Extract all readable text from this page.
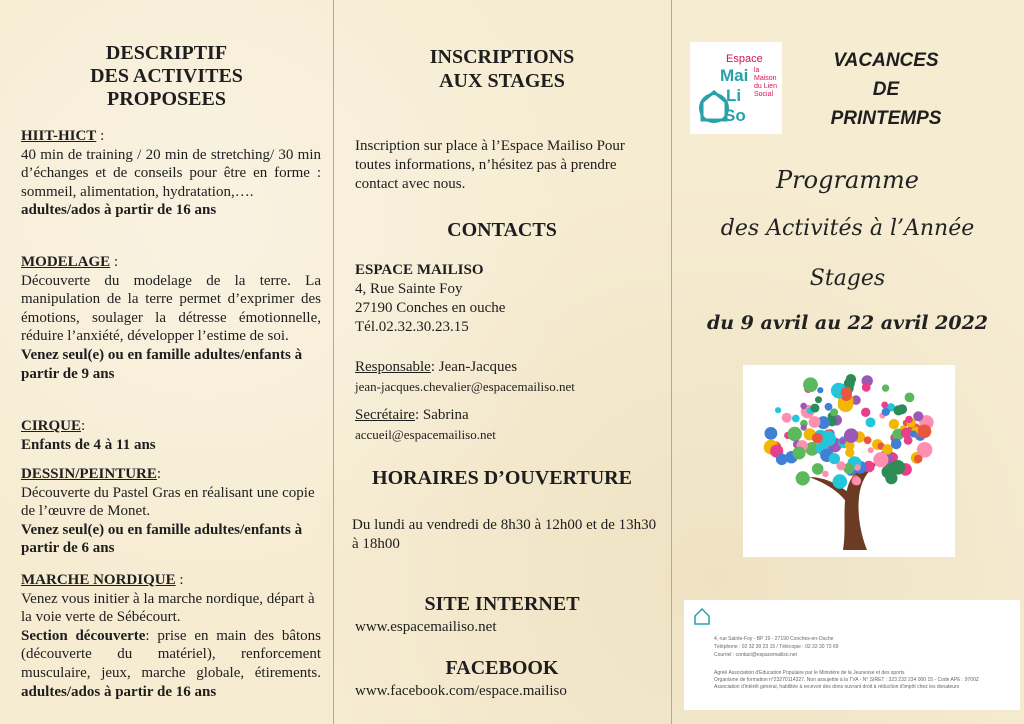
DESCRIPTIF
DES ACTIVITES
PROPOSEES
HIIT-HICT :

40 min de training / 20 min de stretching/ 30 min d’échanges et de conseils pour être en forme : sommeil, alimentation, hydratation,….

adultes/ados à partir de 16 ans

MODELAGE :

Découverte du modelage de la terre. La manipulation de la terre permet d’exprimer des émotions, soulager la détresse émotionnelle, réduire l’anxiété, développer l’estime de soi.

Venez seul(e) ou en famille adultes/enfants à partir de 9 ans

CIRQUE:

Enfants de 4 à 11 ans

DESSIN/PEINTURE:

Découverte du Pastel Gras en réalisant une copie de l’œuvre de Monet.

Venez seul(e) ou en famille adultes/enfants à partir de 6 ans

MARCHE NORDIQUE :

Venez vous initier à la marche nordique, départ à la voie verte de Sébécourt.

Section découverte: prise en main des bâtons (découverte du matériel), renforcement musculaire, jeux, marche globale, étirements. adultes/ados à partir de 16 ans

INSCRIPTIONS
AUX STAGES
Inscription sur place à l’Espace Mailiso Pour toutes informations, n’hésitez pas à prendre contact avec nous.
CONTACTS
ESPACE MAILISO
4, Rue Sainte Foy
27190 Conches en ouche
Tél.02.32.30.23.15
Responsable: Jean-Jacques
jean-jacques.chevalier@espacemailiso.net
Secrétaire: Sabrina
accueil@espacemailiso.net
HORAIRES D’OUVERTURE
Du lundi au vendredi de 8h30 à 12h00 et de 13h30 à 18h00
SITE INTERNET
www.espacemailiso.net
FACEBOOK
www.facebook.com/espace.mailiso
Espace
Mai
Li
So
la Maison
du Lien
Social
VACANCES
DE
PRINTEMPS
Programme
des Activités à l’Année
Stages
du 9 avril au 22 avril 2022
4, rue Sainte-Foy - BP 19 - 27190 Conches-en-Ouche
Téléphone : 02 32 30 23 15 / Télécopie : 02 32 30 73 69
Courriel : contact@espacemailiso.net
Agréé Association d'Education Populaire par le Ministère de la Jeunesse et des sports
Organisme de formation n°23270114327. Non assujettie à la TVA - N° SIRET : 323 232 234 000 15 - Code APE : 9700Z
Association d'intérêt général, habilitée à recevoir des dons ouvrant droit à réduction d'impôt chez les donateurs
